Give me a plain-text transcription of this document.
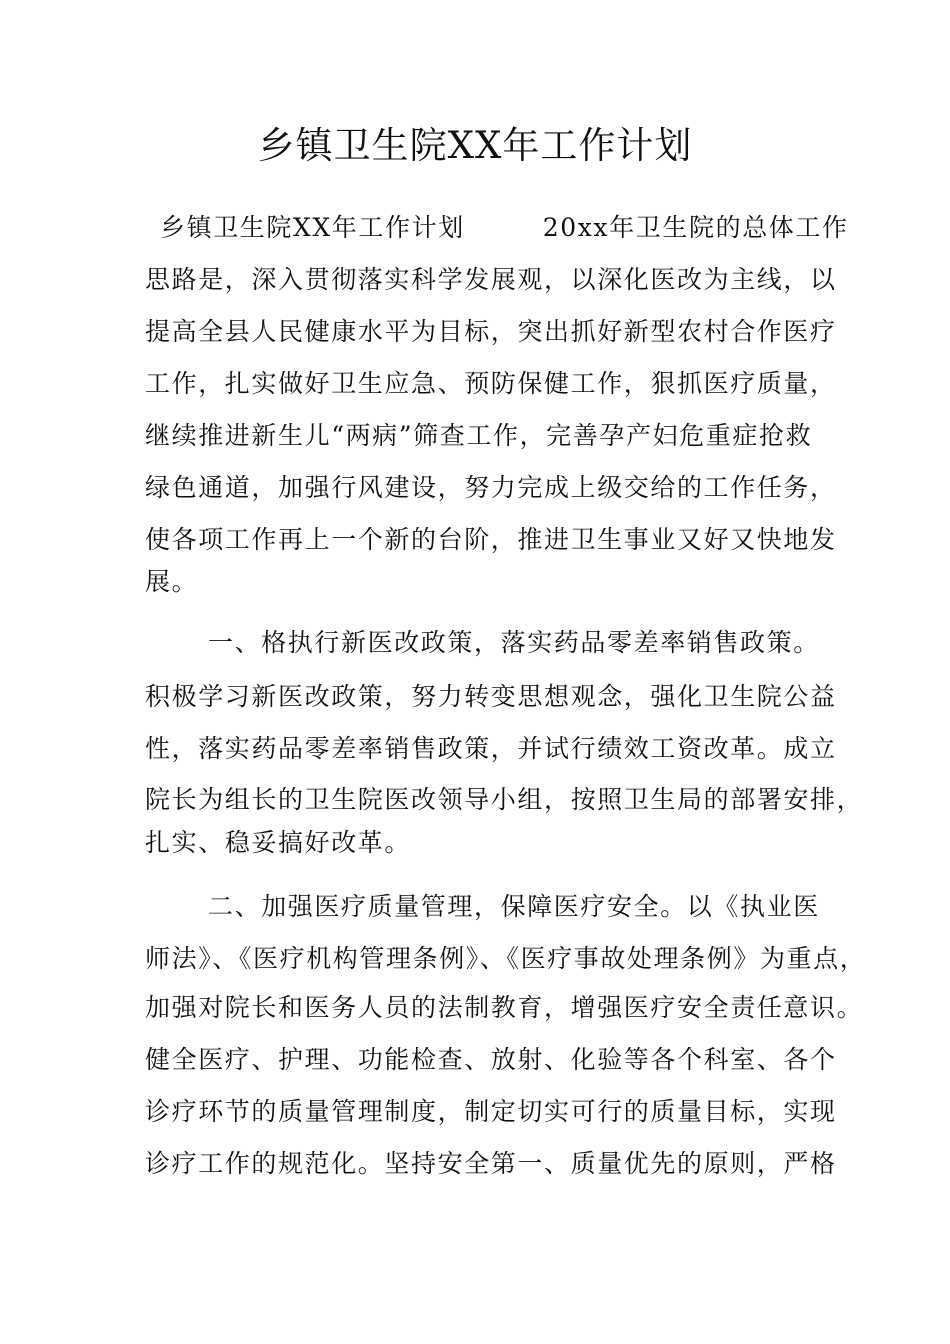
乡镇卫生院XX年工作计划
乡镇卫生院XX年工作计划	20xx年卫生院的总体工作
思路是，深入贯彻落实科学发展观，以深化医改为主线，以
提高全县人民健康水平为目标，突出抓好新型农村合作医疗
工作，扎实做好卫生应急、预防保健工作，狠抓医疗质量，
继续推进新生儿“两病”筛查工作，完善孕产妇危重症抢救
绿色通道，加强行风建设，努力完成上级交给的工作任务，
使各项工作再上一个新的台阶，推进卫生事业又好又快地发
展。
一、格执行新医改政策，落实药品零差率销售政策。
积极学习新医改政策，努力转变思想观念，强化卫生院公益
性，落实药品零差率销售政策，并试行绩效工资改革。成立
院长为组长的卫生院医改领导小组，按照卫生局的部署安排，
扎实、稳妥搞好改革。
二、加强医疗质量管理，保障医疗安全。以《执业医
师法》、《医疗机构管理条例》、《医疗事故处理条例》为重点，
加强对院长和医务人员的法制教育，增强医疗安全责任意识。
健全医疗、护理、功能检查、放射、化验等各个科室、各个
诊疗环节的质量管理制度，制定切实可行的质量目标，实现
诊疗工作的规范化。坚持安全第一、质量优先的原则，严格
